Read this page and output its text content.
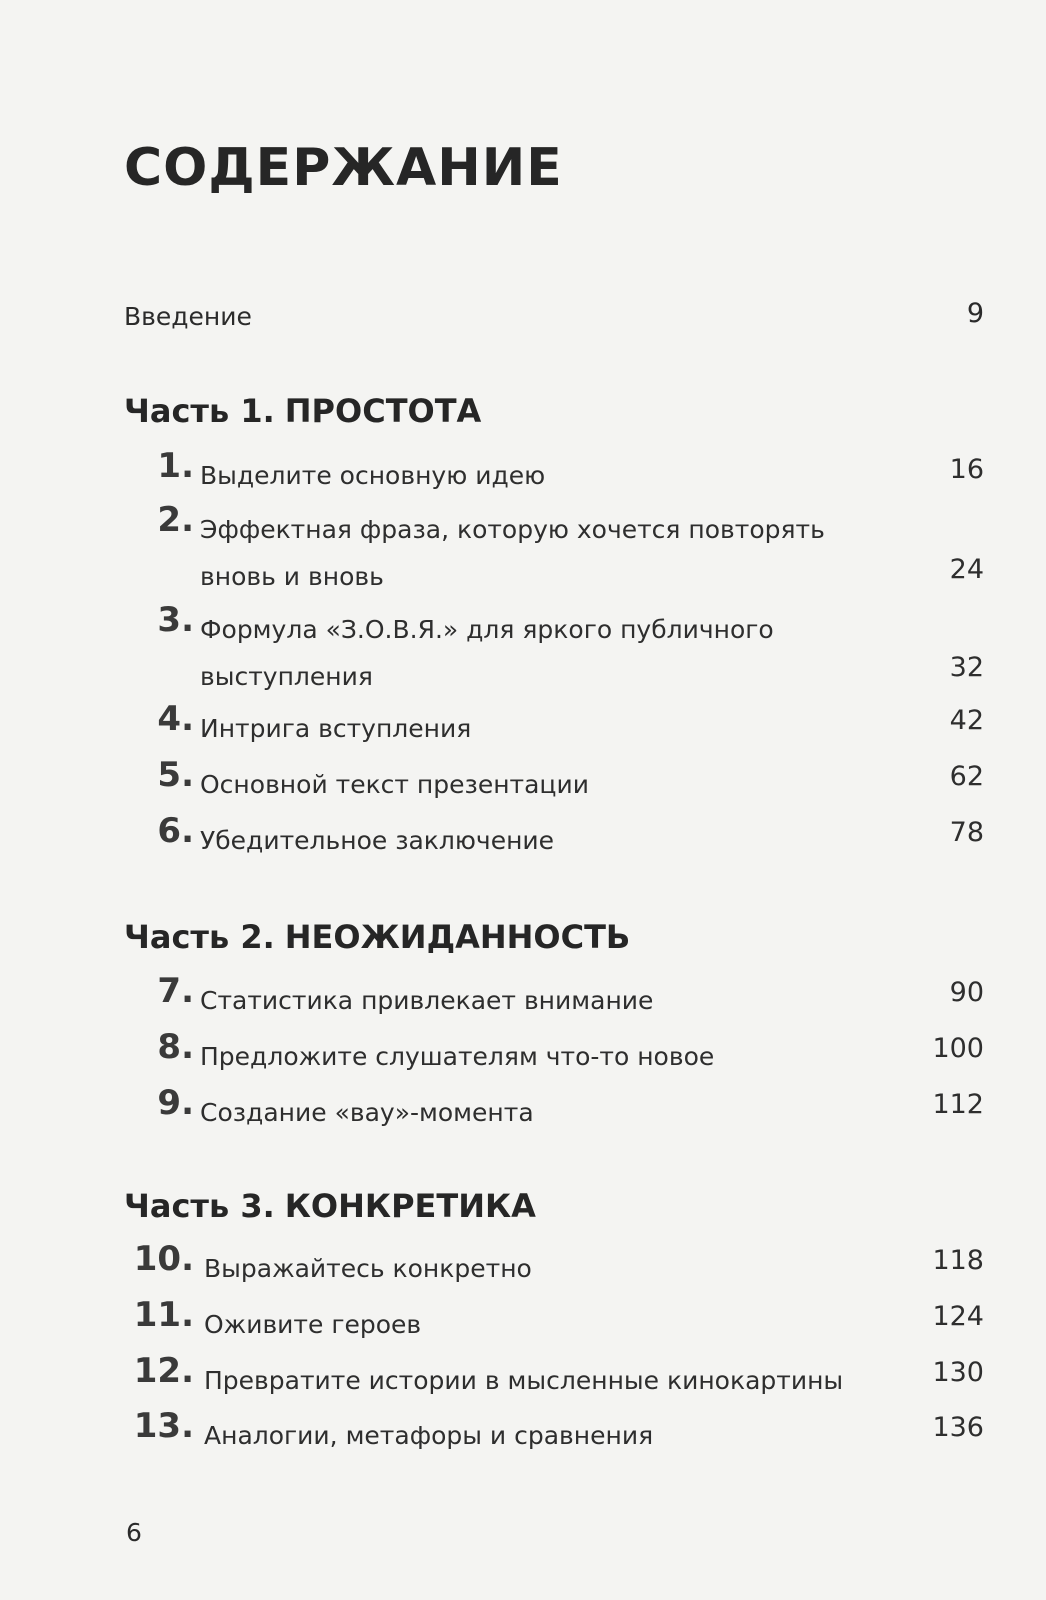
СОДЕРЖАНИЕ
Введение	9
Часть 1. ПРОСТОТА
1. Выделите основную идею	16
2. Эффектная фраза, которую хочется повторять вновь и вновь	24
3. Формула «З.О.В.Я.» для яркого публичного выступления	32
4. Интрига вступления	42
5. Основной текст презентации	62
6. Убедительное заключение	78
Часть 2. НЕОЖИДАННОСТЬ
7. Статистика привлекает внимание	90
8. Предложите слушателям что-то новое	100
9. Создание «вау»-момента	112
Часть 3. КОНКРЕТИКА
10. Выражайтесь конкретно	118
11. Оживите героев	124
12. Превратите истории в мысленные кинокартины	130
13. Аналогии, метафоры и сравнения	136
6
